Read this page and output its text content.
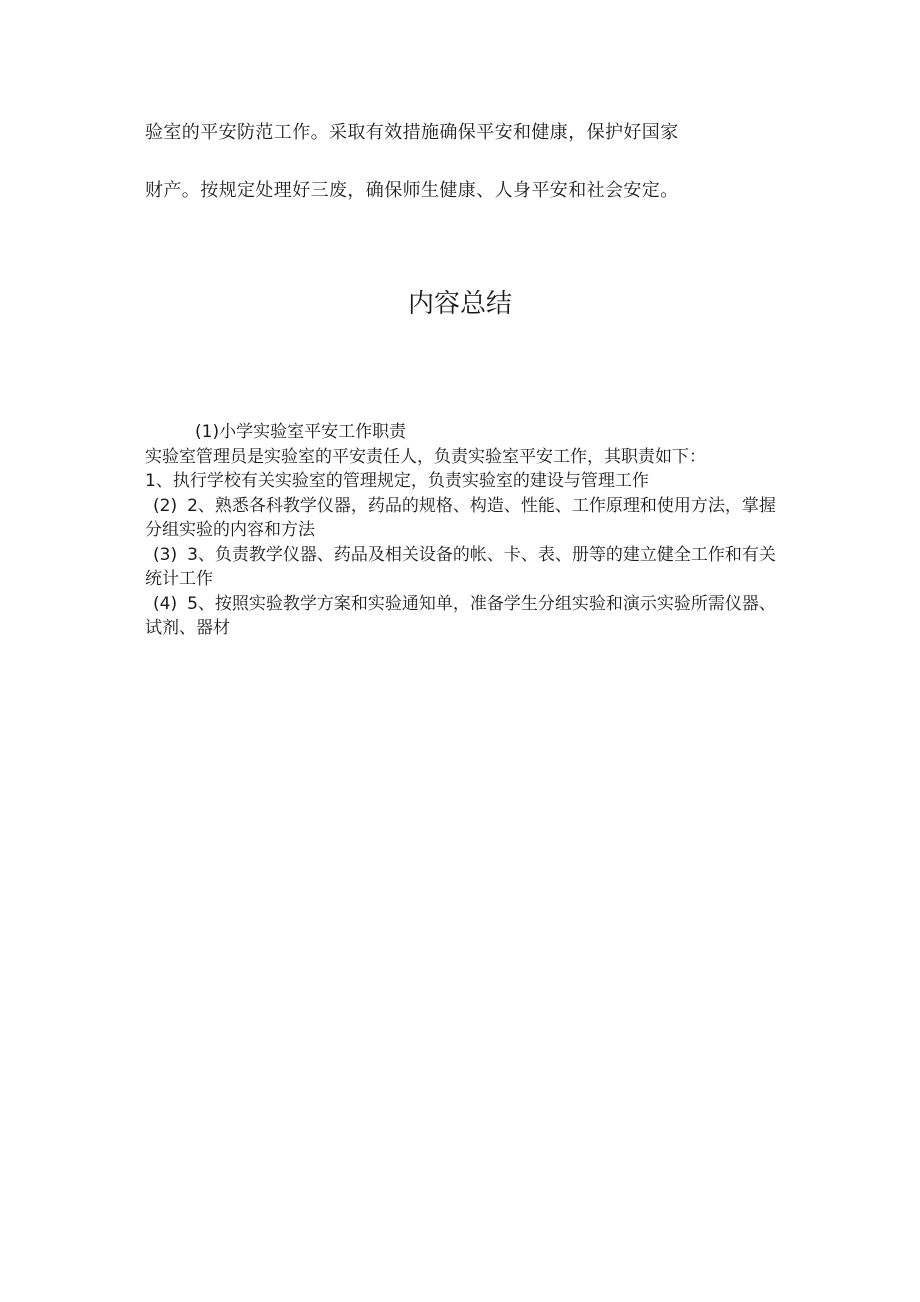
验室的平安防范工作。采取有效措施确保平安和健康，保护好国家
财产。按规定处理好三废，确保师生健康、人身平安和社会安定。
内容总结

(1)小学实验室平安工作职责

实验室管理员是实验室的平安责任人，负责实验室平安工作，其职责如下：

1、执行学校有关实验室的管理规定，负责实验室的建设与管理工作

(2) 2、熟悉各科教学仪器，药品的规格、构造、性能、工作原理和使用方法，掌握分组实验的内容和方法

(3) 3、负责教学仪器、药品及相关设备的帐、卡、表、册等的建立健全工作和有关统计工作

(4) 5、按照实验教学方案和实验通知单，准备学生分组实验和演示实验所需仪器、试剂、器材
